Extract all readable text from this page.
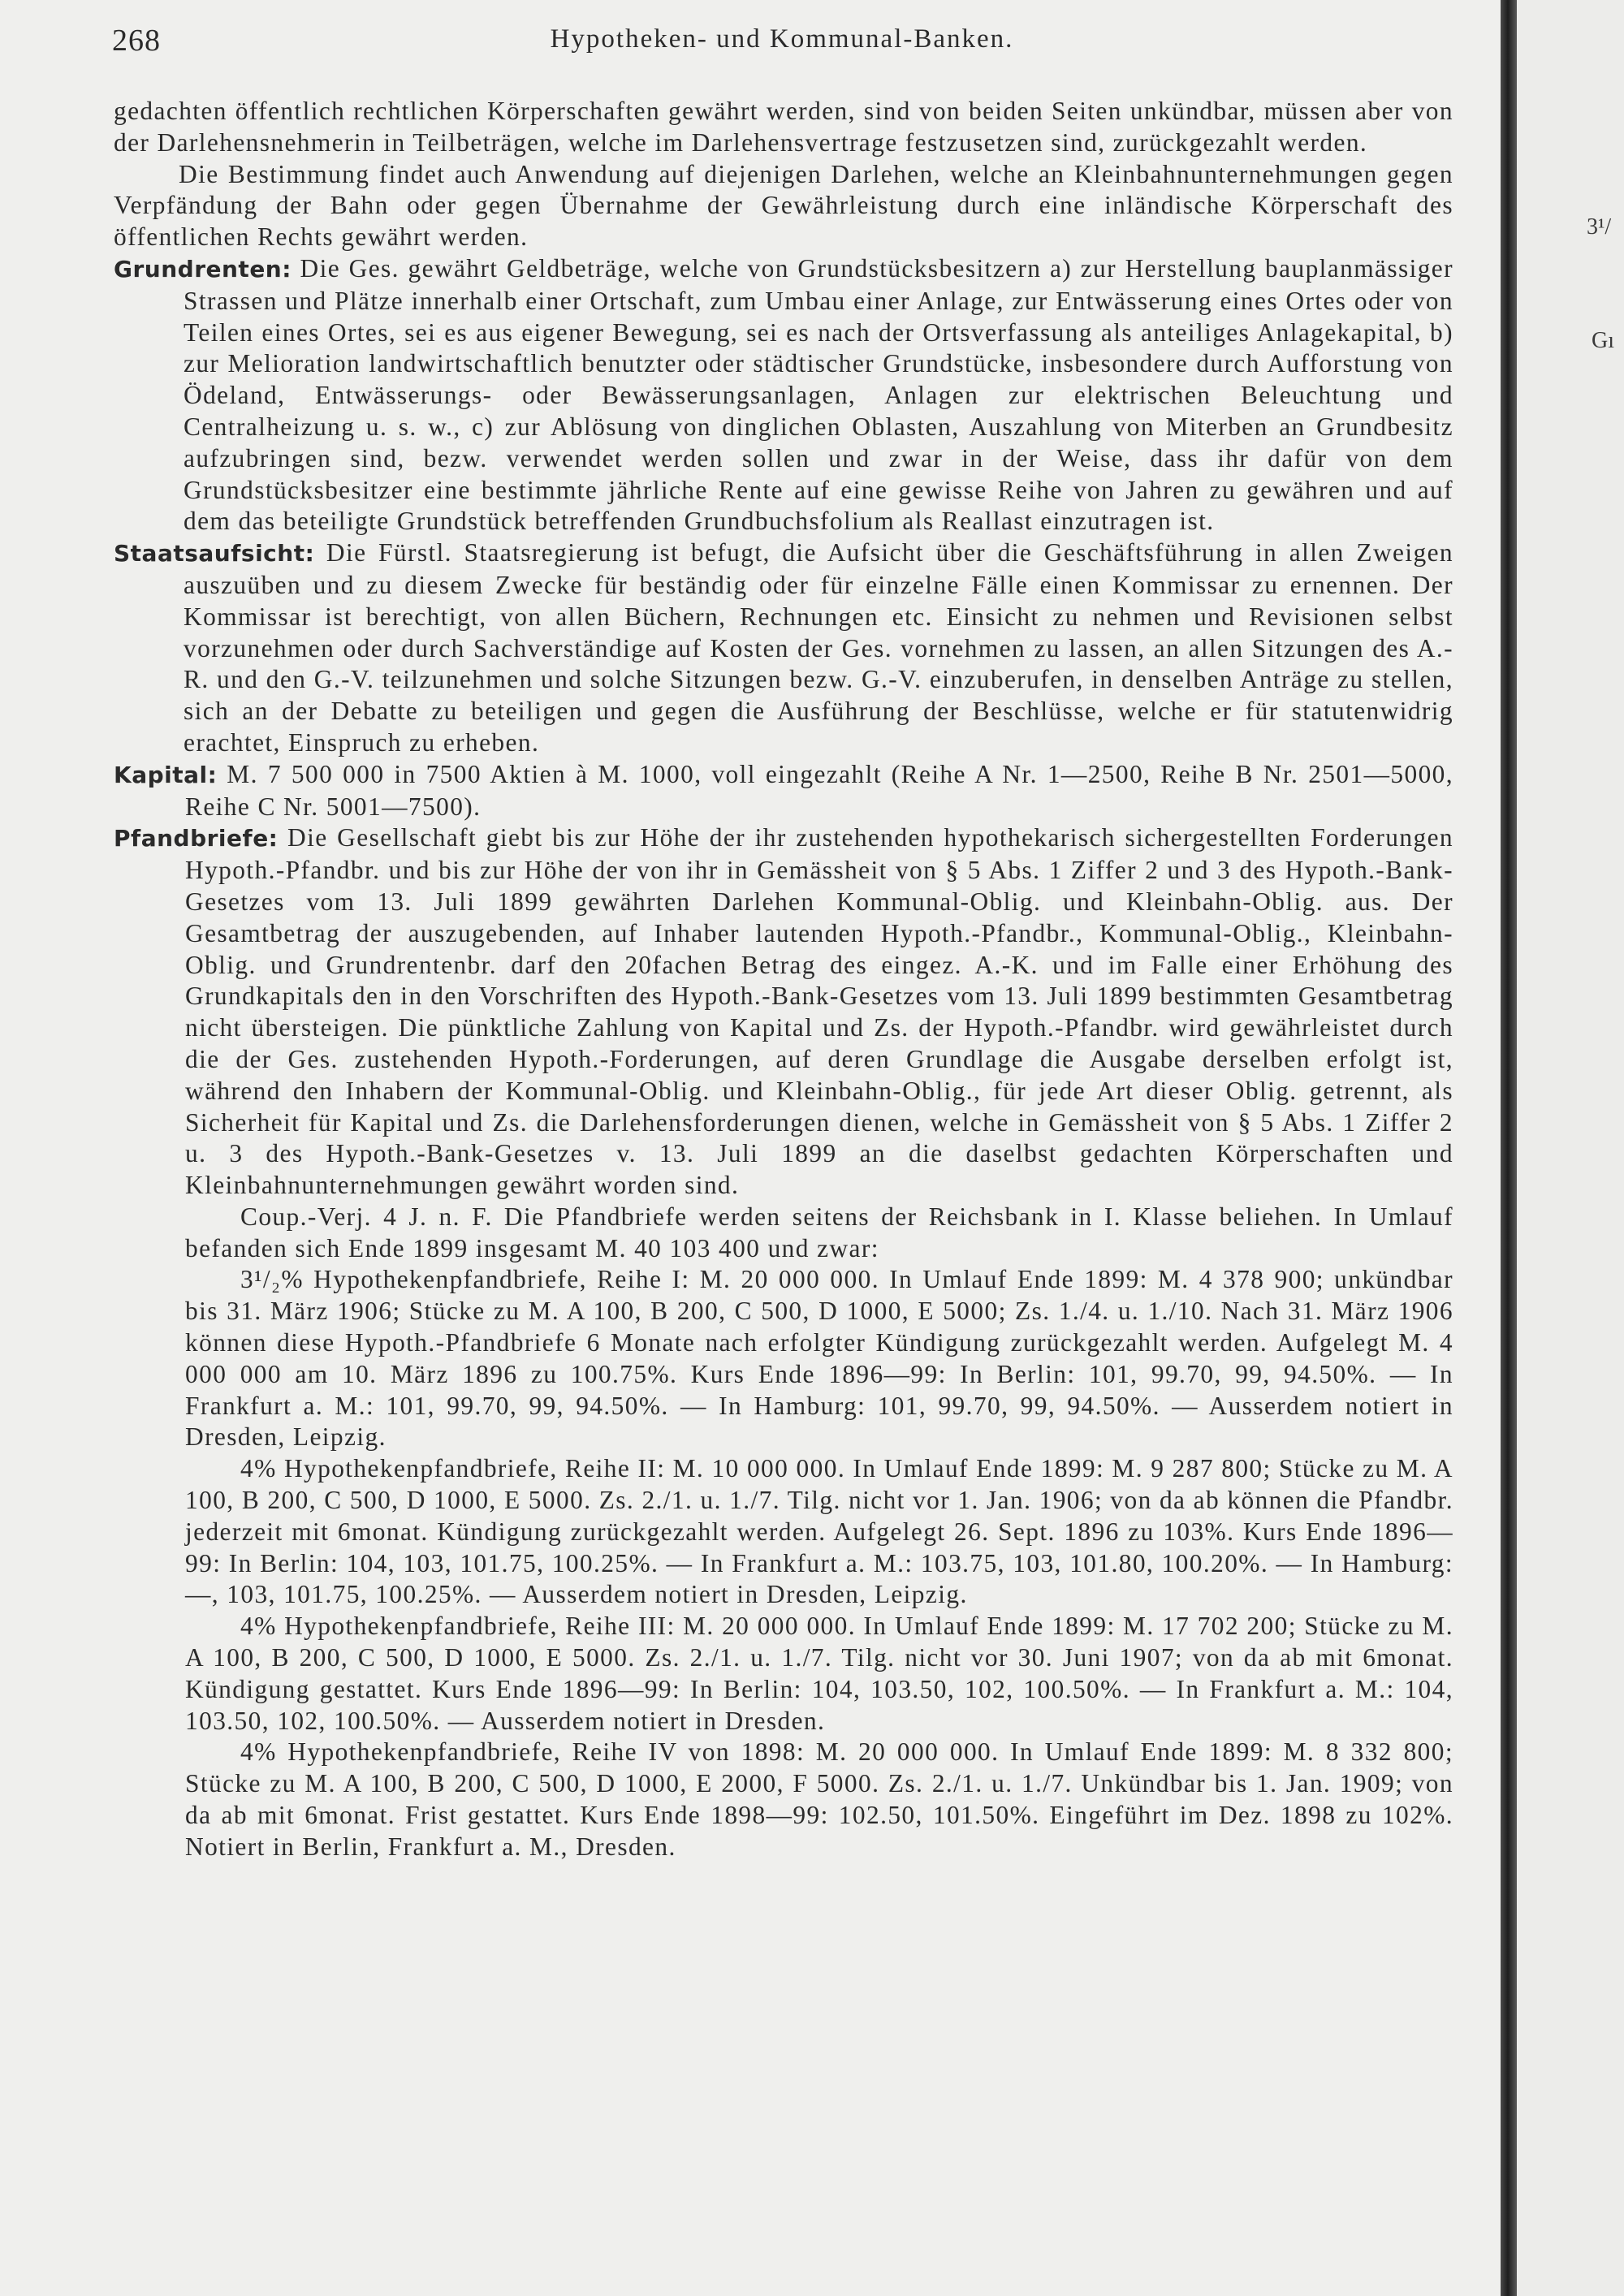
268	Hypotheken- und Kommunal-Banken.

gedachten öffentlich rechtlichen Körperschaften gewährt werden, sind von beiden Seiten unkündbar, müssen aber von der Darlehensnehmerin in Teilbeträgen, welche im Darlehensvertrage festzusetzen sind, zurückgezahlt werden.

Die Bestimmung findet auch Anwendung auf diejenigen Darlehen, welche an Kleinbahnunternehmungen gegen Verpfändung der Bahn oder gegen Übernahme der Gewährleistung durch eine inländische Körperschaft des öffentlichen Rechts gewährt werden.

Grundrenten: Die Ges. gewährt Geldbeträge, welche von Grundstücksbesitzern a) zur Herstellung bauplanmässiger Strassen und Plätze innerhalb einer Ortschaft, zum Umbau einer Anlage, zur Entwässerung eines Ortes oder von Teilen eines Ortes, sei es aus eigener Bewegung, sei es nach der Ortsverfassung als anteiliges Anlagekapital, b) zur Melioration landwirtschaftlich benutzter oder städtischer Grundstücke, insbesondere durch Aufforstung von Ödeland, Entwässerungs- oder Bewässerungsanlagen, Anlagen zur elektrischen Beleuchtung und Centralheizung u. s. w., c) zur Ablösung von dinglichen Oblasten, Auszahlung von Miterben an Grundbesitz aufzubringen sind, bezw. verwendet werden sollen und zwar in der Weise, dass ihr dafür von dem Grundstücksbesitzer eine bestimmte jährliche Rente auf eine gewisse Reihe von Jahren zu gewähren und auf dem das beteiligte Grundstück betreffenden Grundbuchsfolium als Reallast einzutragen ist.

Staatsaufsicht: Die Fürstl. Staatsregierung ist befugt, die Aufsicht über die Geschäftsführung in allen Zweigen auszuüben und zu diesem Zwecke für beständig oder für einzelne Fälle einen Kommissar zu ernennen. Der Kommissar ist berechtigt, von allen Büchern, Rechnungen etc. Einsicht zu nehmen und Revisionen selbst vorzunehmen oder durch Sachverständige auf Kosten der Ges. vornehmen zu lassen, an allen Sitzungen des A.-R. und den G.-V. teilzunehmen und solche Sitzungen bezw. G.-V. einzuberufen, in denselben Anträge zu stellen, sich an der Debatte zu beteiligen und gegen die Ausführung der Beschlüsse, welche er für statutenwidrig erachtet, Einspruch zu erheben.

Kapital: M. 7 500 000 in 7500 Aktien à M. 1000, voll eingezahlt (Reihe A Nr. 1—2500, Reihe B Nr. 2501—5000, Reihe C Nr. 5001—7500).

Pfandbriefe: Die Gesellschaft giebt bis zur Höhe der ihr zustehenden hypothekarisch sichergestellten Forderungen Hypoth.-Pfandbr. und bis zur Höhe der von ihr in Gemässheit von § 5 Abs. 1 Ziffer 2 und 3 des Hypoth.-Bank-Gesetzes vom 13. Juli 1899 gewährten Darlehen Kommunal-Oblig. und Kleinbahn-Oblig. aus. Der Gesamtbetrag der auszugebenden, auf Inhaber lautenden Hypoth.-Pfandbr., Kommunal-Oblig., Kleinbahn-Oblig. und Grundrentenbr. darf den 20fachen Betrag des eingez. A.-K. und im Falle einer Erhöhung des Grundkapitals den in den Vorschriften des Hypoth.-Bank-Gesetzes vom 13. Juli 1899 bestimmten Gesamtbetrag nicht übersteigen. Die pünktliche Zahlung von Kapital und Zs. der Hypoth.-Pfandbr. wird gewährleistet durch die der Ges. zustehenden Hypoth.-Forderungen, auf deren Grundlage die Ausgabe derselben erfolgt ist, während den Inhabern der Kommunal-Oblig. und Kleinbahn-Oblig., für jede Art dieser Oblig. getrennt, als Sicherheit für Kapital und Zs. die Darlehensforderungen dienen, welche in Gemässheit von § 5 Abs. 1 Ziffer 2 u. 3 des Hypoth.-Bank-Gesetzes v. 13. Juli 1899 an die daselbst gedachten Körperschaften und Kleinbahnunternehmungen gewährt worden sind.

Coup.-Verj. 4 J. n. F. Die Pfandbriefe werden seitens der Reichsbank in I. Klasse beliehen. In Umlauf befanden sich Ende 1899 insgesamt M. 40 103 400 und zwar:

3¹/₂% Hypothekenpfandbriefe, Reihe I: M. 20 000 000. In Umlauf Ende 1899: M. 4 378 900; unkündbar bis 31. März 1906; Stücke zu M. A 100, B 200, C 500, D 1000, E 5000; Zs. 1./4. u. 1./10. Nach 31. März 1906 können diese Hypoth.-Pfandbriefe 6 Monate nach erfolgter Kündigung zurückgezahlt werden. Aufgelegt M. 4 000 000 am 10. März 1896 zu 100.75%. Kurs Ende 1896—99: In Berlin: 101, 99.70, 99, 94.50%. — In Frankfurt a. M.: 101, 99.70, 99, 94.50%. — In Hamburg: 101, 99.70, 99, 94.50%. — Ausserdem notiert in Dresden, Leipzig.

4% Hypothekenpfandbriefe, Reihe II: M. 10 000 000. In Umlauf Ende 1899: M. 9 287 800; Stücke zu M. A 100, B 200, C 500, D 1000, E 5000. Zs. 2./1. u. 1./7. Tilg. nicht vor 1. Jan. 1906; von da ab können die Pfandbr. jederzeit mit 6monat. Kündigung zurückgezahlt werden. Aufgelegt 26. Sept. 1896 zu 103%. Kurs Ende 1896—99: In Berlin: 104, 103, 101.75, 100.25%. — In Frankfurt a. M.: 103.75, 103, 101.80, 100.20%. — In Hamburg: —, 103, 101.75, 100.25%. — Ausserdem notiert in Dresden, Leipzig.

4% Hypothekenpfandbriefe, Reihe III: M. 20 000 000. In Umlauf Ende 1899: M. 17 702 200; Stücke zu M. A 100, B 200, C 500, D 1000, E 5000. Zs. 2./1. u. 1./7. Tilg. nicht vor 30. Juni 1907; von da ab mit 6monat. Kündigung gestattet. Kurs Ende 1896—99: In Berlin: 104, 103.50, 102, 100.50%. — In Frankfurt a. M.: 104, 103.50, 102, 100.50%. — Ausserdem notiert in Dresden.

4% Hypothekenpfandbriefe, Reihe IV von 1898: M. 20 000 000. In Umlauf Ende 1899: M. 8 332 800; Stücke zu M. A 100, B 200, C 500, D 1000, E 2000, F 5000. Zs. 2./1. u. 1./7. Unkündbar bis 1. Jan. 1909; von da ab mit 6monat. Frist gestattet. Kurs Ende 1898—99: 102.50, 101.50%. Eingeführt im Dez. 1898 zu 102%. Notiert in Berlin, Frankfurt a. M., Dresden.

3¹/
Gı
